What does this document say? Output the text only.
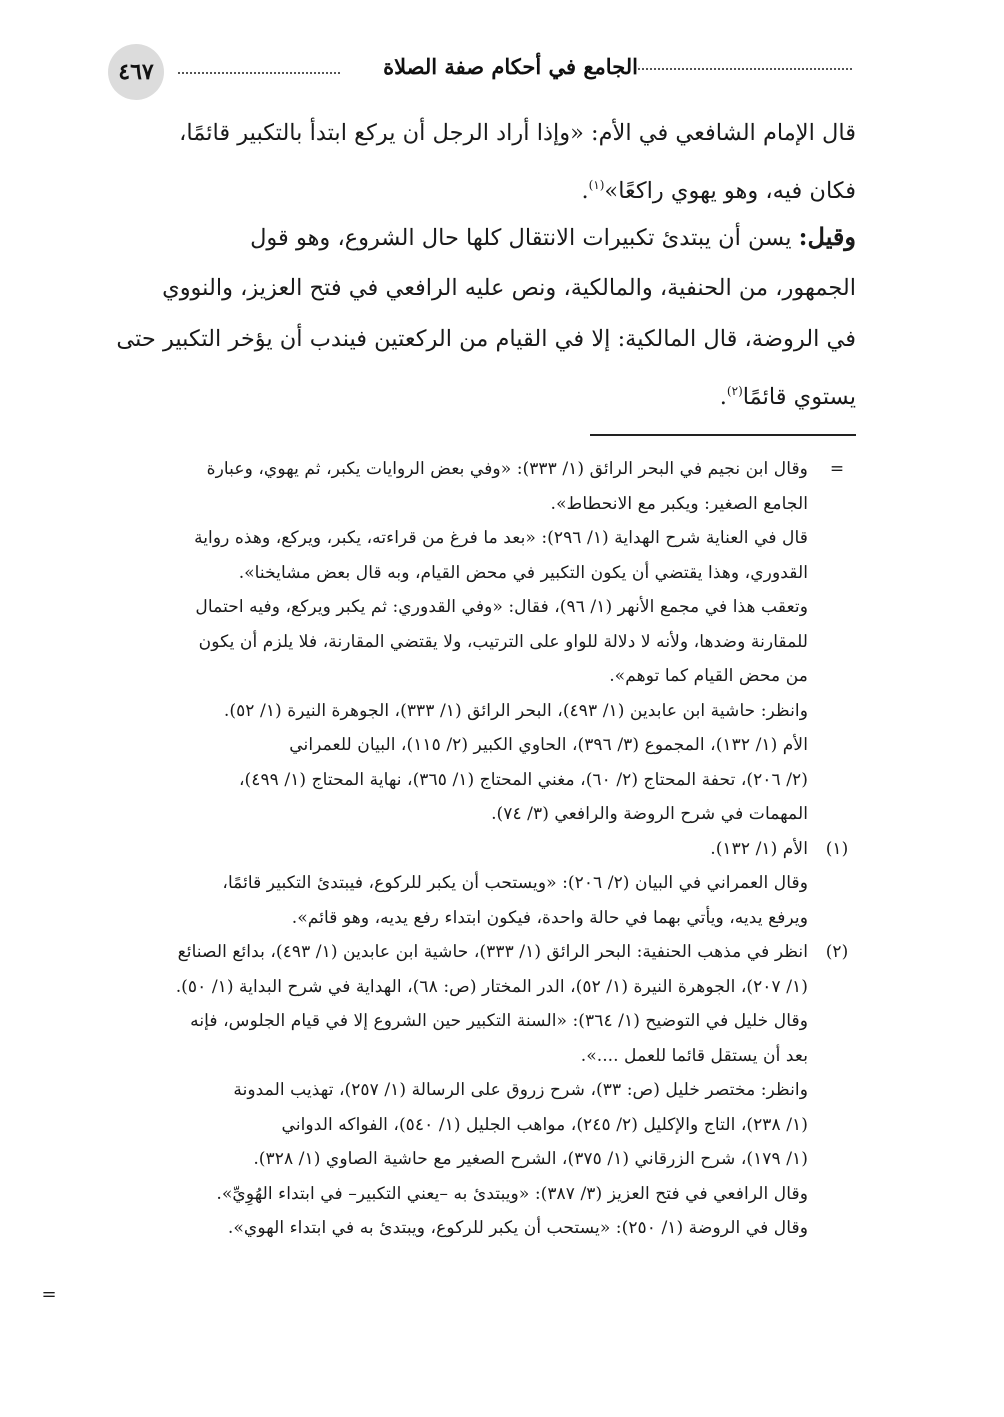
٤٦٧	الجامع في أحكام صفة الصلاة
قال الإمام الشافعي في الأم: «وإذا أراد الرجل أن يركع ابتدأ بالتكبير قائمًا،
فكان فيه، وهو يهوي راكعًا»$^{(١)}$.
وقيل: يسن أن يبتدئ تكبيرات الانتقال كلها حال الشروع، وهو قول
الجمهور، من الحنفية، والمالكية، ونص عليه الرافعي في فتح العزيز، والنووي
في الروضة، قال المالكية: إلا في القيام من الركعتين فيندب أن يؤخر التكبير حتى
يستوي قائمًا$^{(٢)}$.
=
وقال ابن نجيم في البحر الرائق (١/ ٣٣٣): «وفي بعض الروايات يكبر، ثم يهوي، وعبارة
الجامع الصغير: ويكبر مع الانحطاط».
قال في العناية شرح الهداية (١/ ٢٩٦): «بعد ما فرغ من قراءته، يكبر، ويركع، وهذه رواية
القدوري، وهذا يقتضي أن يكون التكبير في محض القيام، وبه قال بعض مشايخنا».
وتعقب هذا في مجمع الأنهر (١/ ٩٦)، فقال: «وفي القدوري: ثم يكبر ويركع، وفيه احتمال
للمقارنة وضدها، ولأنه لا دلالة للواو على الترتيب، ولا يقتضي المقارنة، فلا يلزم أن يكون
من محض القيام كما توهم».
وانظر: حاشية ابن عابدين (١/ ٤٩٣)، البحر الرائق (١/ ٣٣٣)، الجوهرة النيرة (١/ ٥٢).
الأم (١/ ١٣٢)، المجموع (٣/ ٣٩٦)، الحاوي الكبير (٢/ ١١٥)، البيان للعمراني
(٢/ ٢٠٦)، تحفة المحتاج (٢/ ٦٠)، مغني المحتاج (١/ ٣٦٥)، نهاية المحتاج (١/ ٤٩٩)،
المهمات في شرح الروضة والرافعي (٣/ ٧٤).
(١)
الأم (١/ ١٣٢).
وقال العمراني في البيان (٢/ ٢٠٦): «ويستحب أن يكبر للركوع، فيبتدئ التكبير قائمًا،
ويرفع يديه، ويأتي بهما في حالة واحدة، فيكون ابتداء رفع يديه، وهو قائم».
(٢)
انظر في مذهب الحنفية: البحر الرائق (١/ ٣٣٣)، حاشية ابن عابدين (١/ ٤٩٣)، بدائع الصنائع
(١/ ٢٠٧)، الجوهرة النيرة (١/ ٥٢)، الدر المختار (ص: ٦٨)، الهداية في شرح البداية (١/ ٥٠).
وقال خليل في التوضيح (١/ ٣٦٤): «السنة التكبير حين الشروع إلا في قيام الجلوس، فإنه
بعد أن يستقل قائما للعمل ....».
وانظر: مختصر خليل (ص: ٣٣)، شرح زروق على الرسالة (١/ ٢٥٧)، تهذيب المدونة
(١/ ٢٣٨)، التاج والإكليل (٢/ ٢٤٥)، مواهب الجليل (١/ ٥٤٠)، الفواكه الدواني
(١/ ١٧٩)، شرح الزرقاني (١/ ٣٧٥)، الشرح الصغير مع حاشية الصاوي (١/ ٣٢٨).
وقال الرافعي في فتح العزيز (٣/ ٣٨٧): «ويبتدئ به –يعني التكبير– في ابتداء الهُوِيِّ».
وقال في الروضة (١/ ٢٥٠): «يستحب أن يكبر للركوع، ويبتدئ به في ابتداء الهوي».
=
